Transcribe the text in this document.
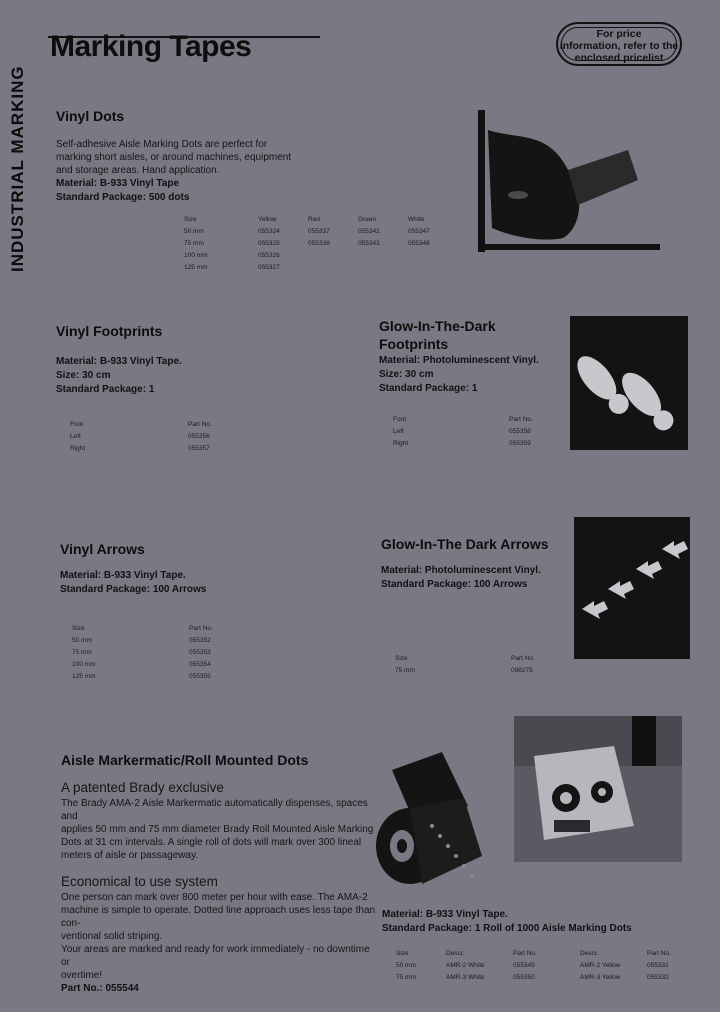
INDUSTRIAL MARKING
Marking Tapes	For price
information, refer to the
enclosed pricelist
Vinyl Dots
Self-adhesive Aisle Marking Dots are perfect for
marking short aisles, or around machines, equipment
and storage areas. Hand application.
Material: B-933 Vinyl Tape
Standard Package: 500 dots
Size	Yellow	Red	Green	White
50 mm	055324	055337	055342	055347
75 mm	055325	055338	055343	055348
100 mm	055326			
125 mm	055327			
Vinyl Footprints
Material: B-933 Vinyl Tape.
Size: 30 cm
Standard Package: 1
Foot	Part No.
Left	055356
Right	055357
Glow-In-The-Dark
Footprints
Material: Photoluminescent Vinyl.
Size: 30 cm
Standard Package: 1
Foot	Part No.
Left	055358
Right	055359
Vinyl Arrows
Material: B-933 Vinyl Tape.
Standard Package: 100 Arrows
Size	Part No.
50 mm	055352
75 mm	055353
100 mm	055354
125 mm	055355
Glow-In-The Dark Arrows
Material: Photoluminescent Vinyl.
Standard Package: 100 Arrows
Size	Part No.
75 mm	098275
Aisle Markermatic/Roll Mounted Dots
A patented Brady exclusive
The Brady AMA-2 Aisle Markermatic automatically dispenses, spaces and
applies 50 mm and 75 mm diameter Brady Roll Mounted Aisle Marking
Dots at 31 cm intervals. A single roll of dots will mark over 300 lineal
meters of aisle or passageway.
Economical to use system
One person can mark over 800 meter per hour with ease. The AMA-2
machine is simple to operate. Dotted line approach uses less tape than con-
ventional solid striping.
Your areas are marked and ready for work immediately - no downtime or
overtime!
Part No.: 055544
Material: B-933 Vinyl Tape.
Standard Package: 1 Roll of 1000 Aisle Marking Dots
Size	Descr.	Part No.	Descr.	Part No.
50 mm	AMR-2 White	055349	AMR-2 Yellow	055331
75 mm	AMR-3 White	055350	AMR-3 Yellow	055332
